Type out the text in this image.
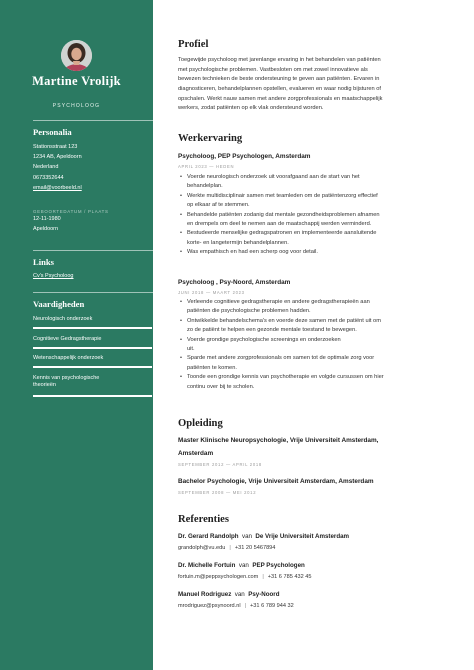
Martine Vrolijk
PSYCHOLOOG
Personalia
Stationsstraat 123
1234 AB, Apeldoorn
Nederland
0673352644
email@voorbeeld.nl
GEBOORTEDATUM / PLAATS
12-11-1980
Apeldoorn
Links
Cv's Psycholoog
Vaardigheden
Neurologisch onderzoek
Cognitieve Gedragstherapie
Wetenschappelijk onderzoek
Kennis van psychologische
theorieën
Profiel
Toegewijde psycholoog met jarenlange ervaring in het behandelen van patiënten
met psychologische problemen. Vastbesloten om met zowel innovatieve als
bewezen technieken de beste ondersteuning te geven aan patiënten. Ervaren in
diagnosticeren, behandelplannen opstellen, evalueren en waar nodig bijsturen of
opschalen. Werkt nauw samen met andere zorgprofessionals en maatschappelijk
werkers, zodat patiënten op elk vlak ondersteund worden.
Werkervaring
Psycholoog, PEP Psychologen, Amsterdam
APRIL 2023 — HEDEN
• Voerde neurologisch onderzoek uit voorafgaand aan de start van het
behandelplan.
• Werkte multidisciplinair samen met teamleden om de patiëntenzorg effectief
op elkaar af te stemmen.
• Behandelde patiënten zodanig dat mentale gezondheidsproblemen afnamen
en drempels om deel te nemen aan de maatschappij werden verminderd.
• Bestudeerde menselijke gedragspatronen en implementeerde aansluitende
korte- en langetermijn behandelplannen.
• Was empathisch en had een scherp oog voor detail.
Psycholoog , Psy-Noord, Amsterdam
JUNI 2018 — MAART 2023
• Verleende cognitieve gedragstherapie en andere gedragstherapieën aan
patiënten die psychologische problemen hadden.
• Ontwikkelde behandelschema's en voerde deze samen met de patiënt uit om
zo de patiënt te helpen een gezonde mentale toestand te bewegen.
• Voerde grondige psychologische screenings en onderzoeken
uit.
• Sparde met andere zorgprofessionals om samen tot de optimale zorg voor
patiënten te komen.
• Toonde een grondige kennis van psychotherapie en volgde cursussen om hier
continu over bij te scholen.
Opleiding
Master Klinische Neuropsychologie, Vrije Universiteit Amsterdam,
Amsterdam
SEPTEMBER 2012 — APRIL 2018
Bachelor Psychologie, Vrije Universiteit Amsterdam, Amsterdam
SEPTEMBER 2008 — MEI 2012
Referenties
Dr. Gerard Randolph van De Vrije Universiteit Amsterdam
grandolph@vu.edu | +31 20 5467894
Dr. Michelle Fortuin van PEP Psychologen
fortuin.m@peppsychologen.com | +31 6 785 432 45
Manuel Rodriguez van Psy-Noord
mrodriguez@psynoord.nl | +31 6 789 944 32
